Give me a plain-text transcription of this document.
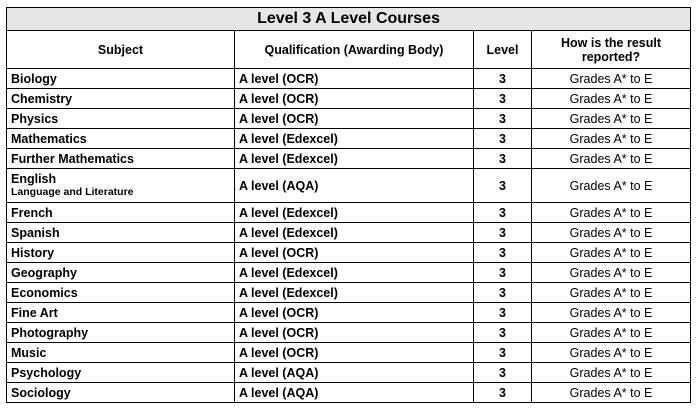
Level 3 A Level Courses			
Subject	Qualification (Awarding Body)	Level	How is the result reported?
Biology	A level (OCR)	3	Grades A* to E
Chemistry	A level (OCR)	3	Grades A* to E
Physics	A level (OCR)	3	Grades A* to E
Mathematics	A level (Edexcel)	3	Grades A* to E
Further Mathematics	A level (Edexcel)	3	Grades A* to E
English
Language and Literature	A level (AQA)	3	Grades A* to E
French	A level (Edexcel)	3	Grades A* to E
Spanish	A level (Edexcel)	3	Grades A* to E
History	A level (OCR)	3	Grades A* to E
Geography	A level (Edexcel)	3	Grades A* to E
Economics	A level (Edexcel)	3	Grades A* to E
Fine Art	A level (OCR)	3	Grades A* to E
Photography	A level (OCR)	3	Grades A* to E
Music	A level (OCR)	3	Grades A* to E
Psychology	A level (AQA)	3	Grades A* to E
Sociology	A level (AQA)	3	Grades A* to E
